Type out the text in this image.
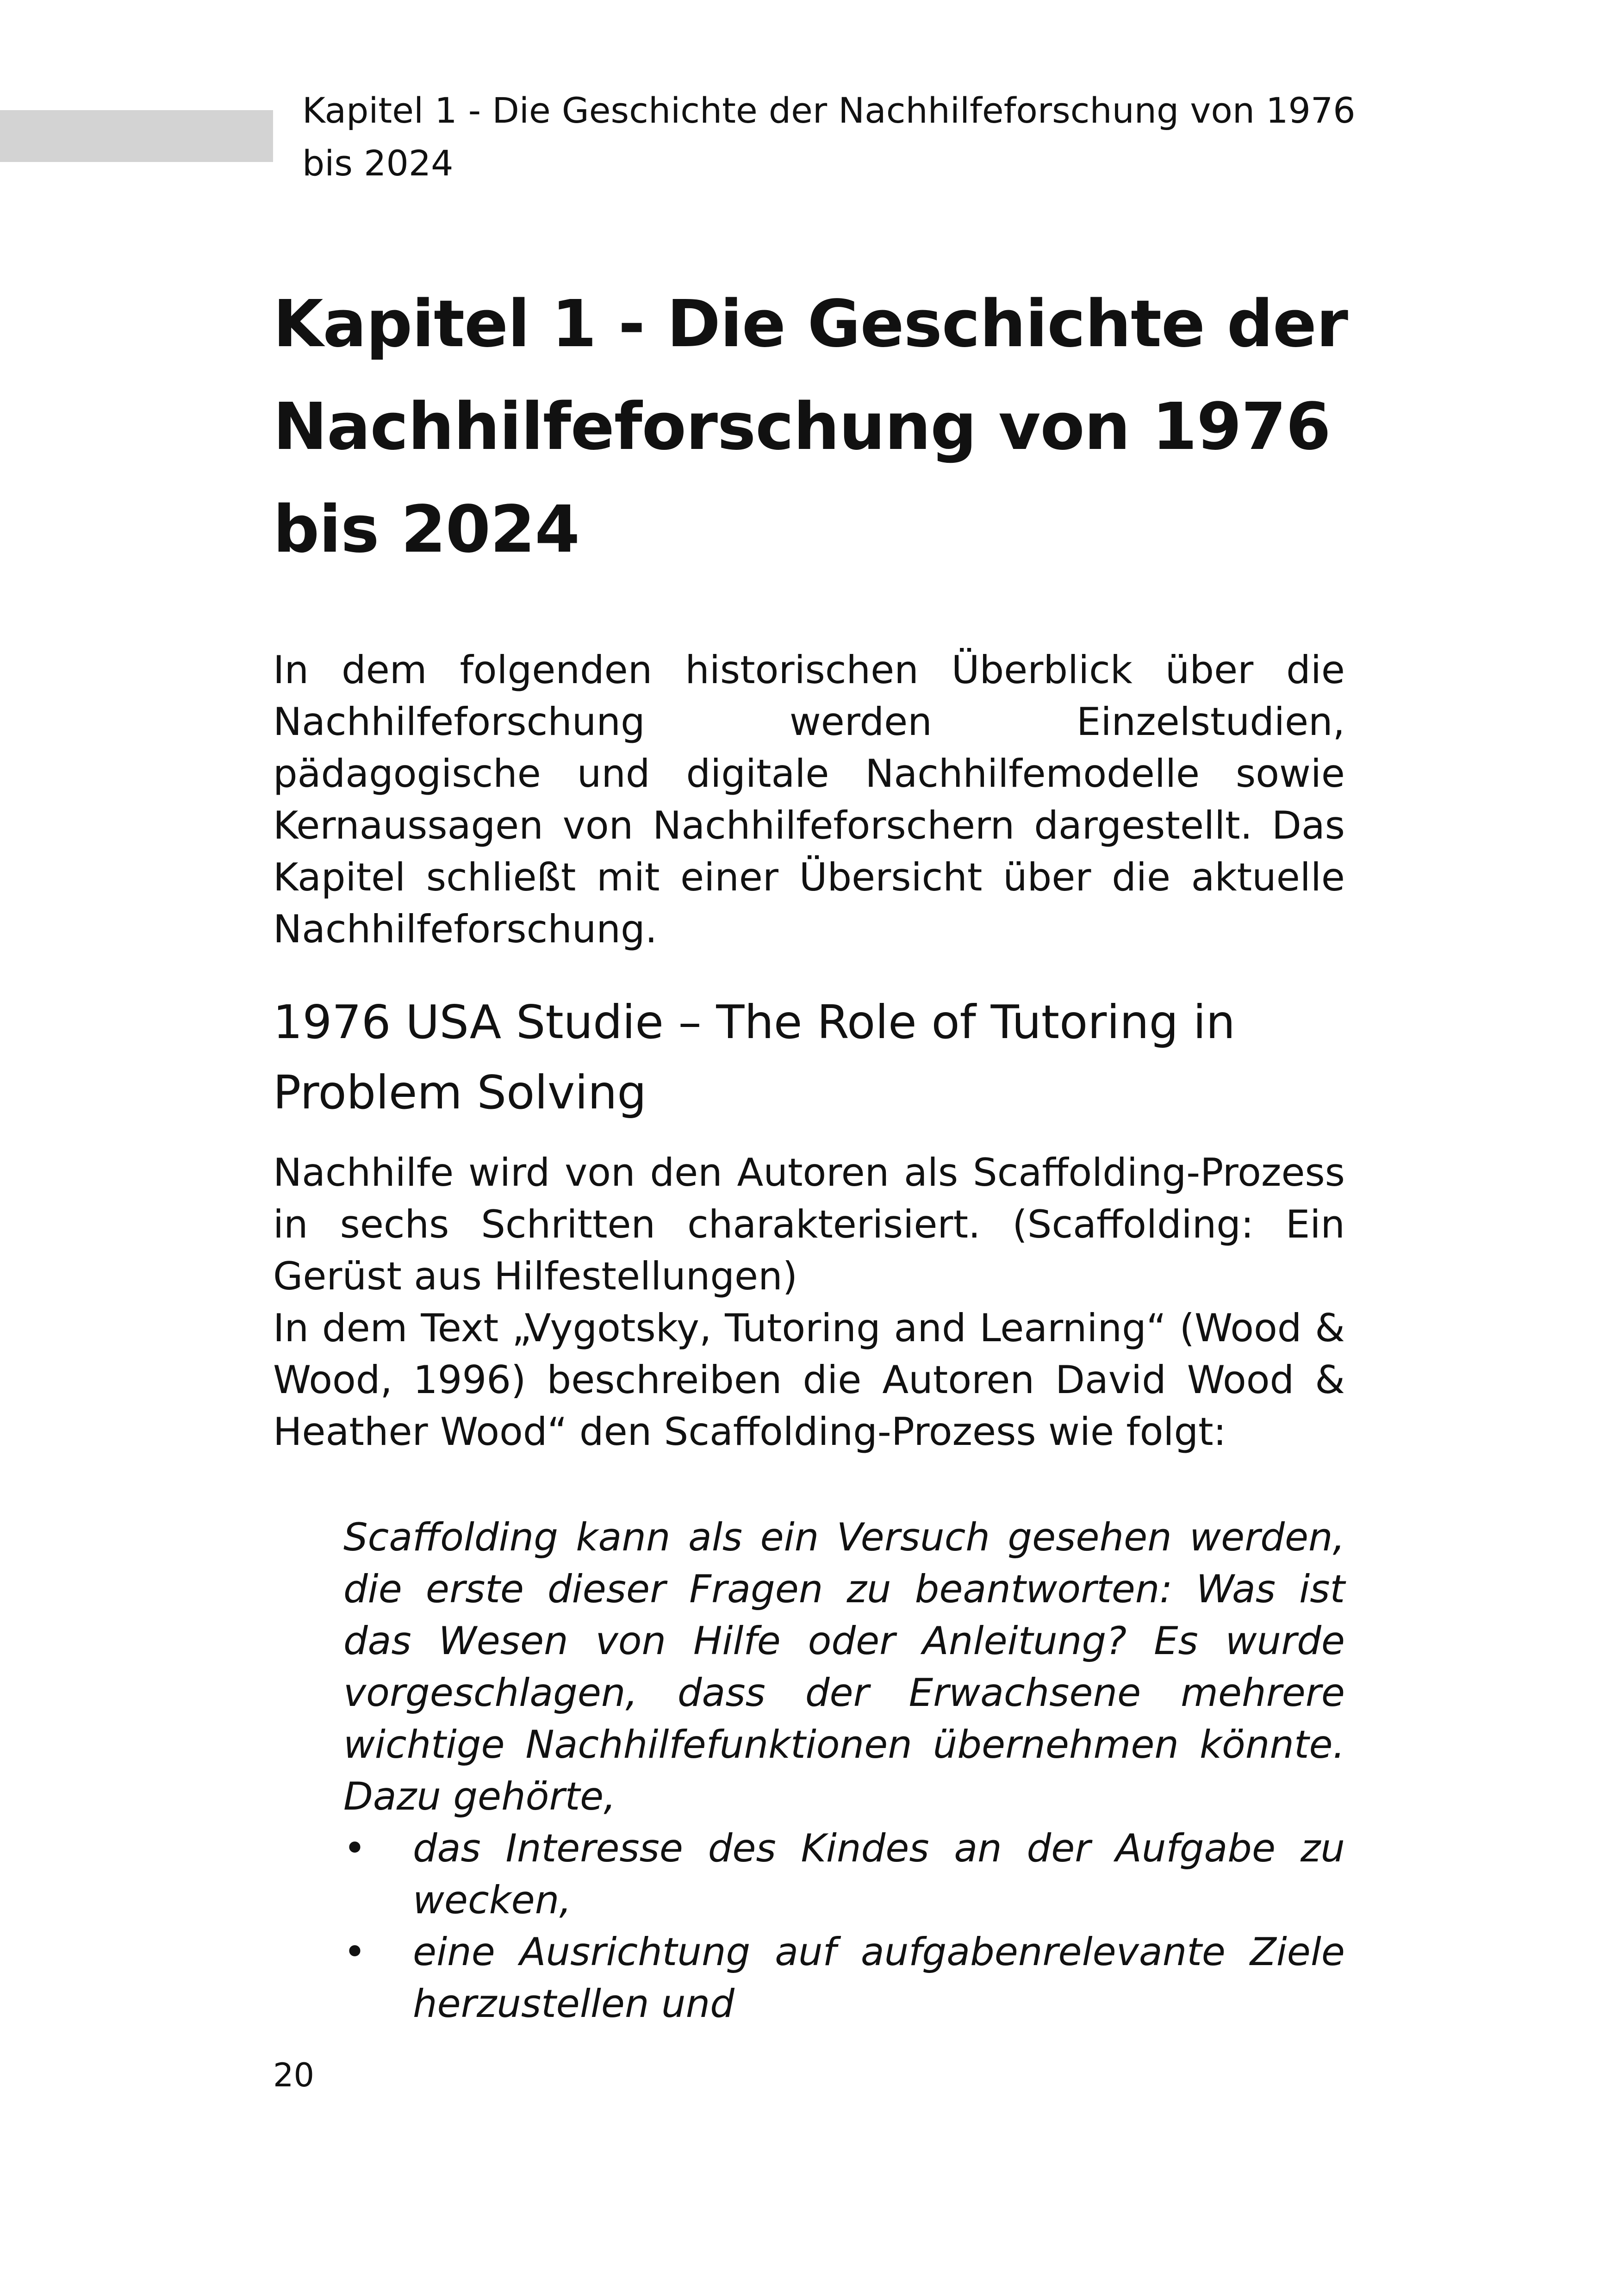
Kapitel 1 - Die Geschichte der Nachhilfeforschung von 1976 bis 2024

Kapitel 1 - Die Geschichte der Nachhilfeforschung von 1976 bis 2024

In dem folgenden historischen Überblick über die Nachhilfeforschung werden Einzelstudien, pädagogische und digitale Nachhilfemodelle sowie Kernaussagen von Nachhilfeforschern dargestellt. Das Kapitel schließt mit einer Übersicht über die aktuelle Nachhilfeforschung.

1976 USA Studie – The Role of Tutoring in Problem Solving

Nachhilfe wird von den Autoren als Scaffolding-Prozess in sechs Schritten charakterisiert. (Scaffolding: Ein Gerüst aus Hilfestellungen)

In dem Text „Vygotsky, Tutoring and Learning“ (Wood & Wood, 1996) beschreiben die Autoren David Wood & Heather Wood“ den Scaffolding-Prozess wie folgt:

Scaffolding kann als ein Versuch gesehen werden, die erste dieser Fragen zu beantworten: Was ist das Wesen von Hilfe oder Anleitung? Es wurde vorgeschlagen, dass der Erwachsene mehrere wichtige Nachhilfefunktionen übernehmen könnte. Dazu gehörte,
• das Interesse des Kindes an der Aufgabe zu wecken,
• eine Ausrichtung auf aufgabenrelevante Ziele herzustellen und

20
